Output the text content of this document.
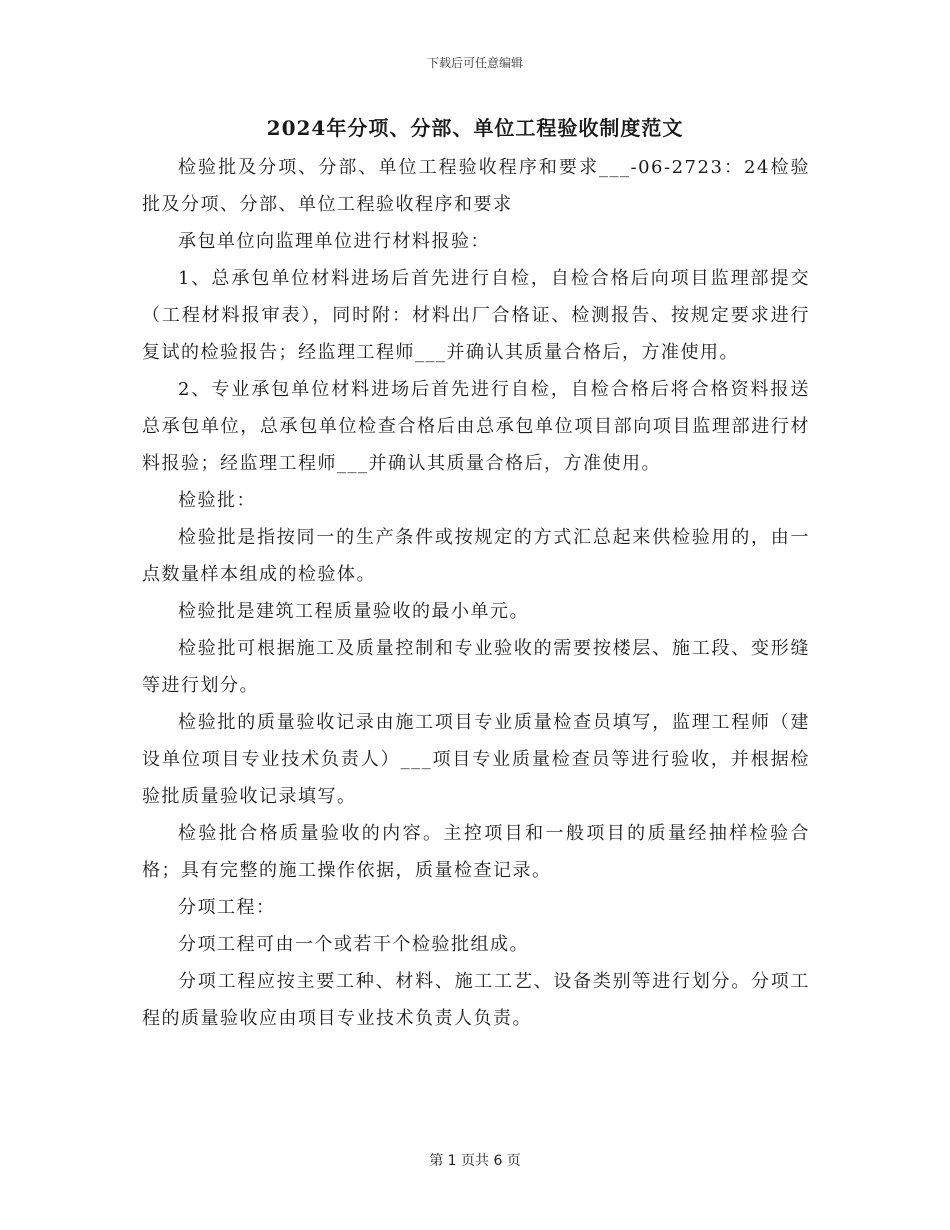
下载后可任意编辑
2024年分项、分部、单位工程验收制度范文

检验批及分项、分部、单位工程验收程序和要求___-06-2723：24检验批及分项、分部、单位工程验收程序和要求

承包单位向监理单位进行材料报验：

1、总承包单位材料进场后首先进行自检，自检合格后向项目监理部提交（工程材料报审表），同时附：材料出厂合格证、检测报告、按规定要求进行复试的检验报告；经监理工程师___并确认其质量合格后，方准使用。

2、专业承包单位材料进场后首先进行自检，自检合格后将合格资料报送总承包单位，总承包单位检查合格后由总承包单位项目部向项目监理部进行材料报验；经监理工程师___并确认其质量合格后，方准使用。

检验批：

检验批是指按同一的生产条件或按规定的方式汇总起来供检验用的，由一点数量样本组成的检验体。

检验批是建筑工程质量验收的最小单元。

检验批可根据施工及质量控制和专业验收的需要按楼层、施工段、变形缝等进行划分。

检验批的质量验收记录由施工项目专业质量检查员填写，监理工程师（建设单位项目专业技术负责人）___项目专业质量检查员等进行验收，并根据检验批质量验收记录填写。

检验批合格质量验收的内容。主控项目和一般项目的质量经抽样检验合格；具有完整的施工操作依据，质量检查记录。

分项工程：

分项工程可由一个或若干个检验批组成。

分项工程应按主要工种、材料、施工工艺、设备类别等进行划分。分项工程的质量验收应由项目专业技术负责人负责。

第 1 页共 6 页
